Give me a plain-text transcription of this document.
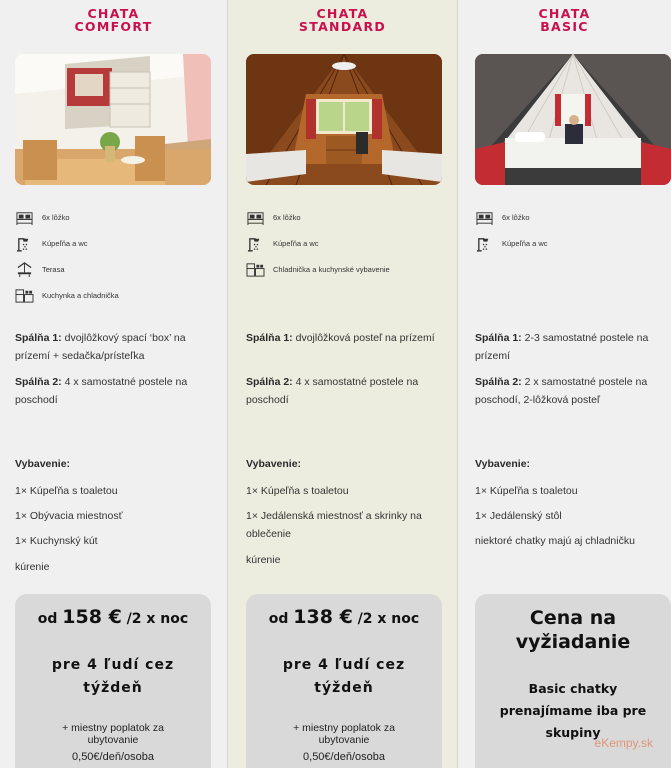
CHATA
COMFORT
6x lôžko
Kúpeľňa a wc
Terasa
Kuchynka a chladnička
Spálňa 1: dvojlôžkový spací ‘box’ na prízemí + sedačka/prísteľka
Spálňa 2: 4 x samostatné postele na poschodí
Vybavenie:
1× Kúpeľňa s toaletou
1× Obývacia miestnosť
1× Kuchynský kút
kúrenie
od 158 € /2 x noc
pre 4 ľudí cez týždeň
+ miestny poplatok za ubytovanie
0,50€/deň/osoba
CHATA
STANDARD
6x lôžko
Kúpeľňa a wc
Chladnička a kuchynské vybavenie
Spálňa 1: dvojlôžková posteľ na prízemí
Spálňa 2: 4 x samostatné postele na poschodí
Vybavenie:
1× Kúpeľňa s toaletou
1× Jedálenská miestnosť a skrinky na oblečenie
kúrenie
od 138 € /2 x noc
pre 4 ľudí cez týždeň
+ miestny poplatok za ubytovanie
0,50€/deň/osoba
CHATA
BASIC
6x lôžko
Kúpeľňa a wc
Spálňa 1: 2-3 samostatné postele na prízemí
Spálňa 2: 2 x samostatné postele na poschodí, 2-lôžková posteľ
Vybavenie:
1× Kúpeľňa s toaletou
1× Jedálenský stôl
niektoré chatky majú aj chladničku
Cena na vyžiadanie
Basic chatky prenajímame iba pre skupiny
eKempy.sk
